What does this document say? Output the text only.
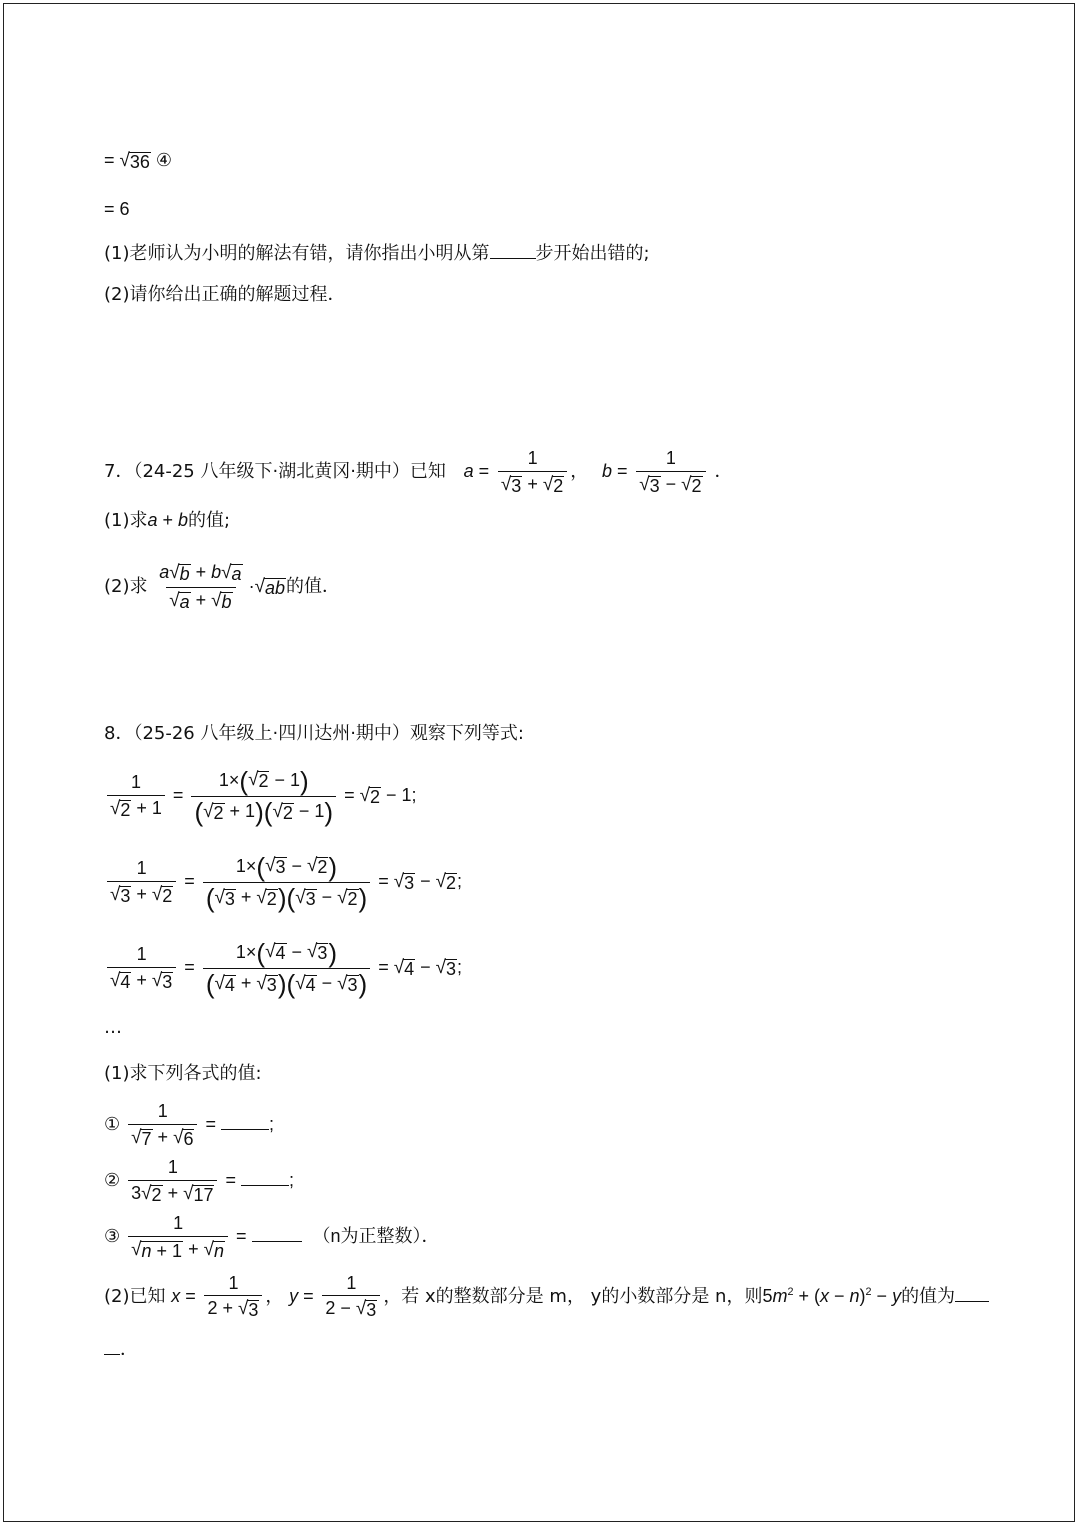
= √ 36 ④
= 6
(1)老师认为小明的解法有错，请你指出小明从第	步开始出错的;
(2)请你给出正确的解题过程．
7．（24-25 八年级下·湖北黄冈·期中）已知 $a = \frac{1}{√ 3 + √ 2}$ ， $b = \frac{1}{√ 3 - √ 2}$ ．
(1)求a + b的值;
(2)求 $\frac{a √ b + b √ a}{√ a + √ b}$ · √ ab 的值．
8．（25-26 八年级上·四川达州·期中）观察下列等式:
$\frac{1}{√ 2 + 1} = \frac{1\times( √ 2 - 1)}{( √ 2 + 1)( √ 2 - 1)}$ = √ 2 − 1;
$\frac{1}{√ 3 + √ 2} = \frac{1\times( √ 3 - √ 2 )}{( √ 3 + √ 2 )( √ 3 - √ 2 )}$ = √ 3 − √ 2 ;
$\frac{1}{√ 4 + √ 3} = \frac{1\times( √ 4 - √ 3 )}{( √ 4 + √ 3 )( √ 4 - √ 3 )}$ = √ 4 − √ 3 ;
…
(1)求下列各式的值:
① $\frac{1}{√ 7 + √ 6}$ =	;
② $\frac{1}{3 √ 2 + √ 17}$ =	;
③ $\frac{1}{√ n + 1 + √ n}$ =	（n为正整数）．
(2)已知 $x = \frac{1}{2 + √ 3}$ ， $y = \frac{1}{2 - √ 3}$ ，若 x的整数部分是 m， y的小数部分是 n，则$5m^2 + (x - n)^2 - y$的值为
．
